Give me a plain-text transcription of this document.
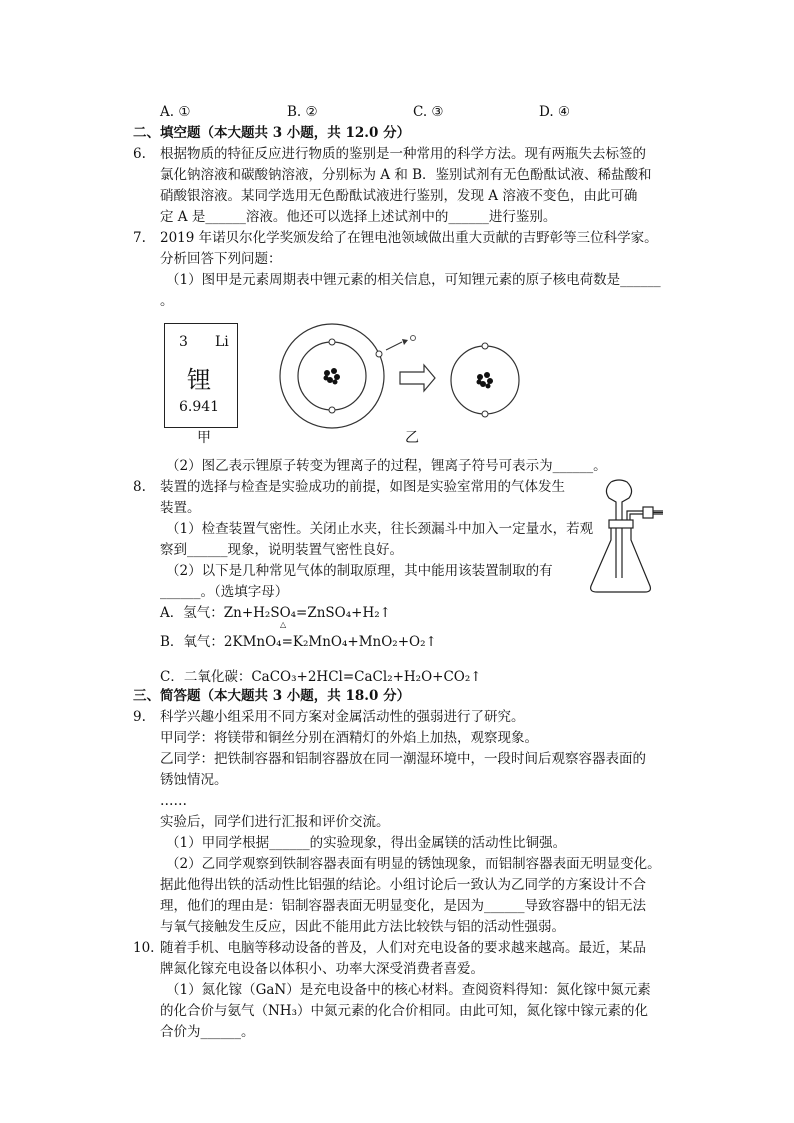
A. ①	B. ②	C. ③	D. ④
二、填空题（本大题共 3 小题，共 12.0 分）
6. 根据物质的特征反应进行物质的鉴别是一种常用的科学方法。现有两瓶失去标签的
氯化钠溶液和碳酸钠溶液，分别标为 A 和 B．鉴别试剂有无色酚酞试液、稀盐酸和
硝酸银溶液。某同学选用无色酚酞试液进行鉴别，发现 A 溶液不变色，由此可确
定 A 是______溶液。他还可以选择上述试剂中的______进行鉴别。
7. 2019 年诺贝尔化学奖颁发给了在锂电池领域做出重大贡献的吉野彰等三位科学家。
分析回答下列问题：
（1）图甲是元素周期表中锂元素的相关信息，可知锂元素的原子核电荷数是______
。
3 Li
锂
6.941
甲	乙
（2）图乙表示锂原子转变为锂离子的过程，锂离子符号可表示为______。
8. 装置的选择与检查是实验成功的前提，如图是实验室常用的气体发生
装置。
（1）检查装置气密性。关闭止水夹，往长颈漏斗中加入一定量水，若观
察到______现象，说明装置气密性良好。
（2）以下是几种常见气体的制取原理，其中能用该装置制取的有
______。（选填字母）
A．氢气：Zn+H₂SO₄=ZnSO₄+H₂↑
B．氧气：2KMnO₄=K₂MnO₄+MnO₂+O₂↑
△
C．二氧化碳：CaCO₃+2HCl=CaCl₂+H₂O+CO₂↑
三、简答题（本大题共 3 小题，共 18.0 分）
9. 科学兴趣小组采用不同方案对金属活动性的强弱进行了研究。
甲同学：将镁带和铜丝分别在酒精灯的外焰上加热，观察现象。
乙同学：把铁制容器和铝制容器放在同一潮湿环境中，一段时间后观察容器表面的
锈蚀情况。
……
实验后，同学们进行汇报和评价交流。
（1）甲同学根据______的实验现象，得出金属镁的活动性比铜强。
（2）乙同学观察到铁制容器表面有明显的锈蚀现象，而铝制容器表面无明显变化。
据此他得出铁的活动性比铝强的结论。小组讨论后一致认为乙同学的方案设计不合
理，他们的理由是：铝制容器表面无明显变化，是因为______导致容器中的铝无法
与氧气接触发生反应，因此不能用此方法比较铁与铝的活动性强弱。
10. 随着手机、电脑等移动设备的普及，人们对充电设备的要求越来越高。最近，某品
牌氮化镓充电设备以体积小、功率大深受消费者喜爱。
（1）氮化镓（GaN）是充电设备中的核心材料。查阅资料得知：氮化镓中氮元素
的化合价与氨气（NH₃）中氮元素的化合价相同。由此可知，氮化镓中镓元素的化
合价为______。
